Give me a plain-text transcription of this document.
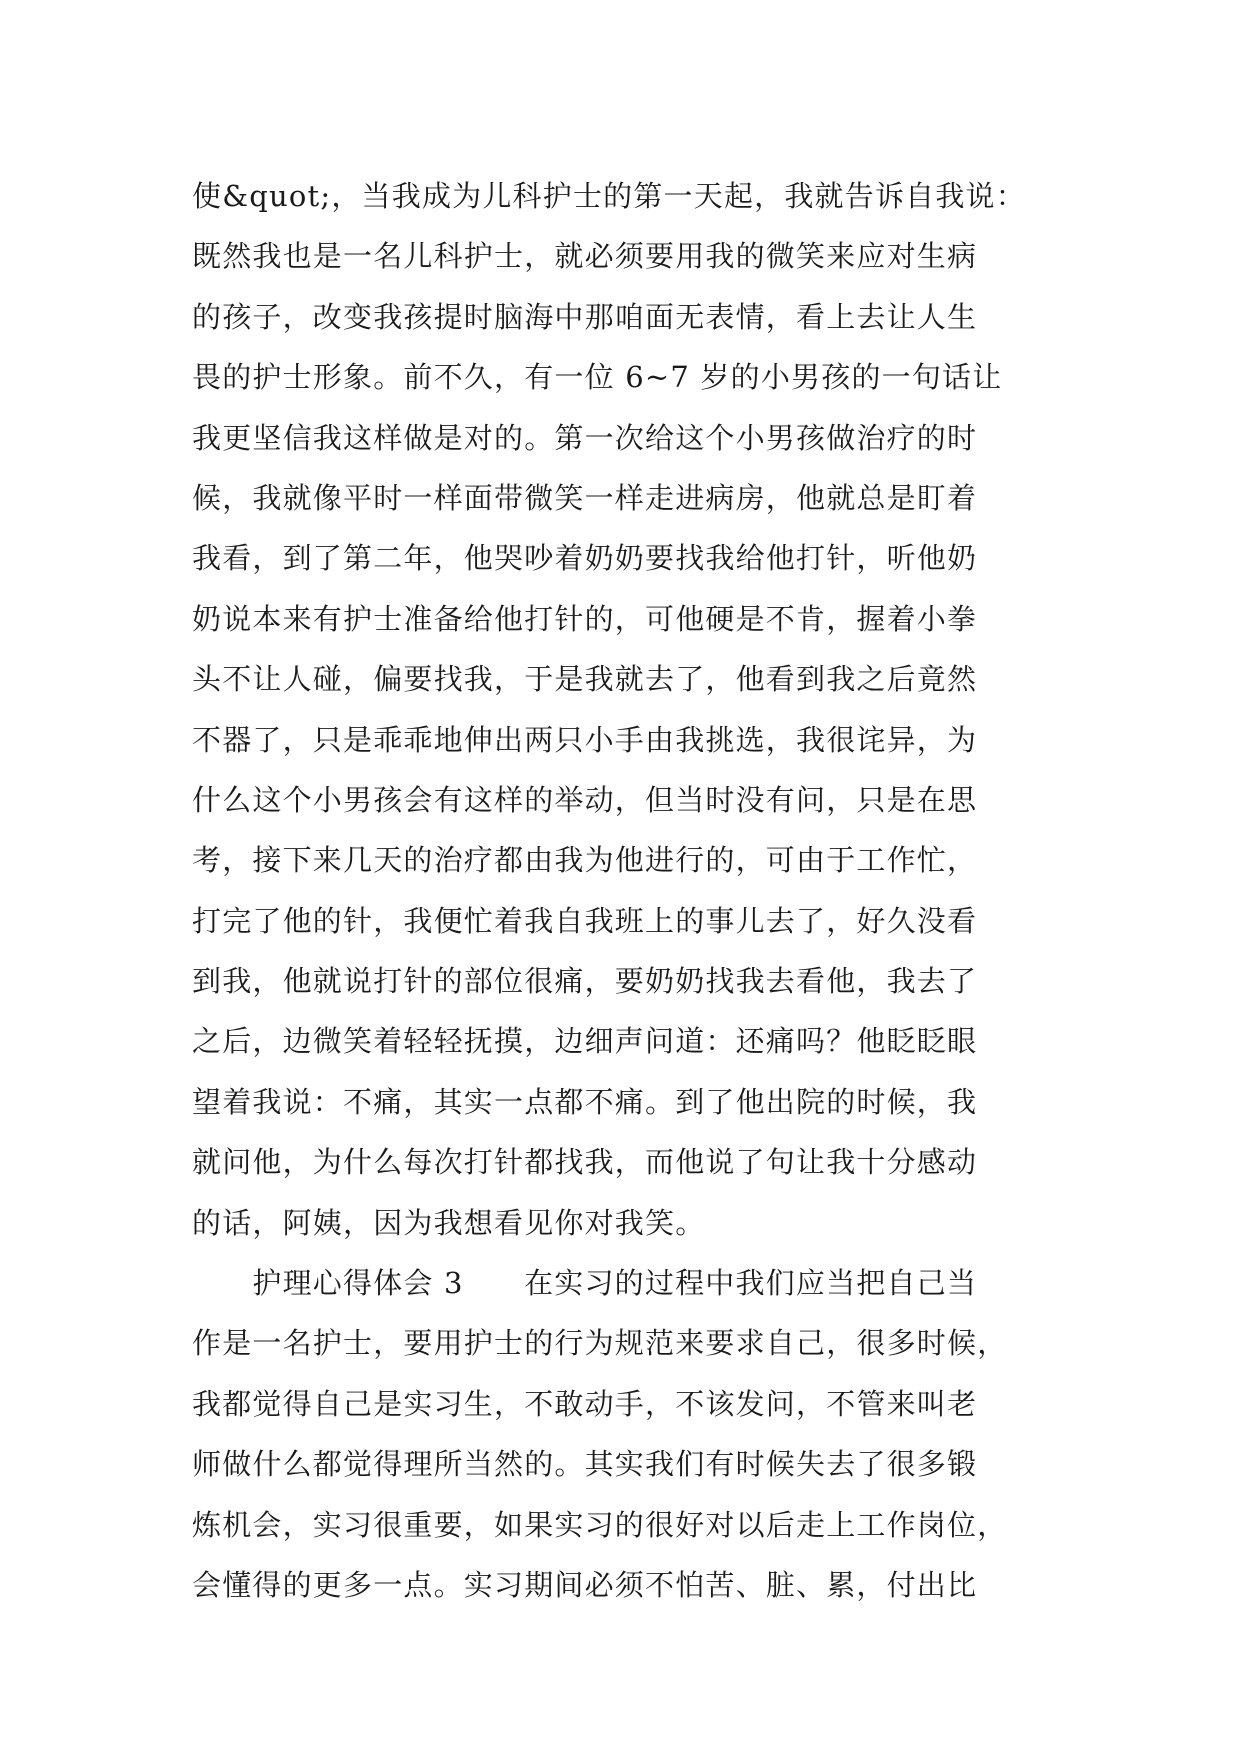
使&quot;，当我成为儿科护士的第一天起，我就告诉自我说：
既然我也是一名儿科护士，就必须要用我的微笑来应对生病
的孩子，改变我孩提时脑海中那咱面无表情，看上去让人生
畏的护士形象。前不久，有一位 6~7 岁的小男孩的一句话让
我更坚信我这样做是对的。第一次给这个小男孩做治疗的时
候，我就像平时一样面带微笑一样走进病房，他就总是盯着
我看，到了第二年，他哭吵着奶奶要找我给他打针，听他奶
奶说本来有护士准备给他打针的，可他硬是不肯，握着小拳
头不让人碰，偏要找我，于是我就去了，他看到我之后竟然
不器了，只是乖乖地伸出两只小手由我挑选，我很诧异，为
什么这个小男孩会有这样的举动，但当时没有问，只是在思
考，接下来几天的治疗都由我为他进行的，可由于工作忙，
打完了他的针，我便忙着我自我班上的事儿去了，好久没看
到我，他就说打针的部位很痛，要奶奶找我去看他，我去了
之后，边微笑着轻轻抚摸，边细声问道：还痛吗？他眨眨眼
望着我说：不痛，其实一点都不痛。到了他出院的时候，我
就问他，为什么每次打针都找我，而他说了句让我十分感动
的话，阿姨，因为我想看见你对我笑。
　　护理心得体会 3　　在实习的过程中我们应当把自己当
作是一名护士，要用护士的行为规范来要求自己，很多时候，
我都觉得自己是实习生，不敢动手，不该发问，不管来叫老
师做什么都觉得理所当然的。其实我们有时候失去了很多锻
炼机会，实习很重要，如果实习的很好对以后走上工作岗位，
会懂得的更多一点。实习期间必须不怕苦、脏、累，付出比
